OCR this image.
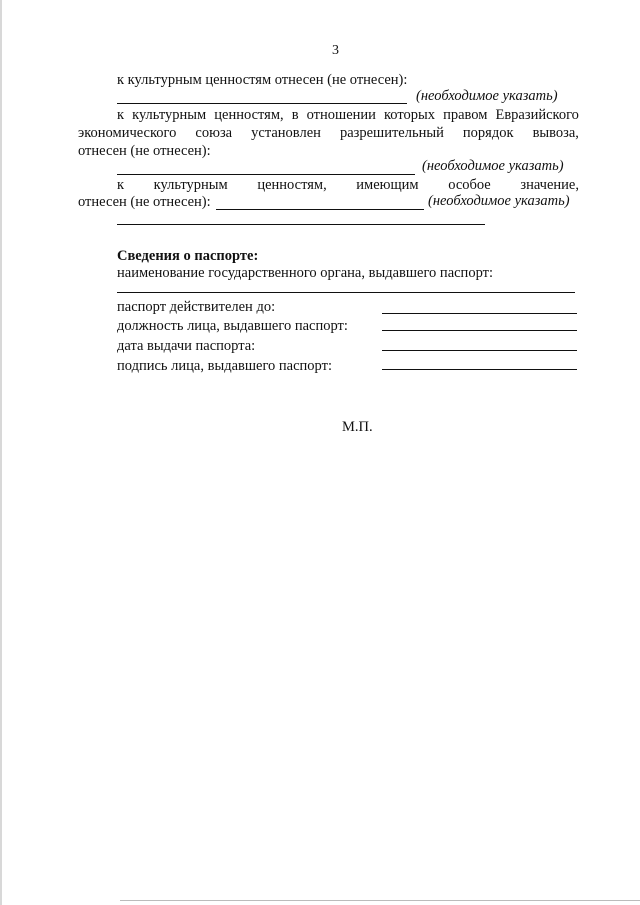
3
к культурным ценностям отнесен (не отнесен):
(необходимое указать)
к культурным ценностям, в отношении которых правом Евразийского
экономического союза установлен разрешительный порядок вывоза,
отнесен (не отнесен):
(необходимое указать)
к культурным ценностям, имеющим особое значение,
отнесен (не отнесен):	(необходимое указать)
Сведения о паспорте:
наименование государственного органа, выдавшего паспорт:
паспорт действителен до:
должность лица, выдавшего паспорт:
дата выдачи паспорта:
подпись лица, выдавшего паспорт:
М.П.
